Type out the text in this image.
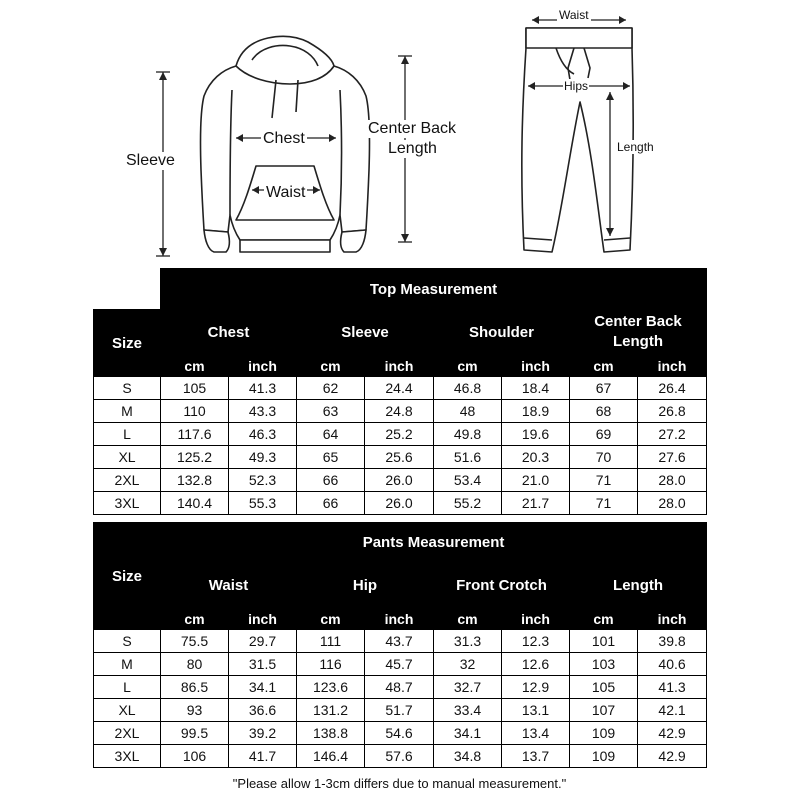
Chest
Waist
Sleeve
Center Back
Length
Waist
Hips
Length
	Top Measurement							
Size	Chest		Sleeve		Shoulder		Center Back
Length	
	cm	inch	cm	inch	cm	inch	cm	inch
S	105	41.3	62	24.4	46.8	18.4	67	26.4
M	110	43.3	63	24.8	48	18.9	68	26.8
L	117.6	46.3	64	25.2	49.8	19.6	69	27.2
XL	125.2	49.3	65	25.6	51.6	20.3	70	27.6
2XL	132.8	52.3	66	26.0	53.4	21.0	71	28.0
3XL	140.4	55.3	66	26.0	55.2	21.7	71	28.0
Size	Pants Measurement							
	Waist		Hip		Front Crotch		Length	
	cm	inch	cm	inch	cm	inch	cm	inch
S	75.5	29.7	111	43.7	31.3	12.3	101	39.8
M	80	31.5	116	45.7	32	12.6	103	40.6
L	86.5	34.1	123.6	48.7	32.7	12.9	105	41.3
XL	93	36.6	131.2	51.7	33.4	13.1	107	42.1
2XL	99.5	39.2	138.8	54.6	34.1	13.4	109	42.9
3XL	106	41.7	146.4	57.6	34.8	13.7	109	42.9
"Please allow 1-3cm differs due to manual measurement."
